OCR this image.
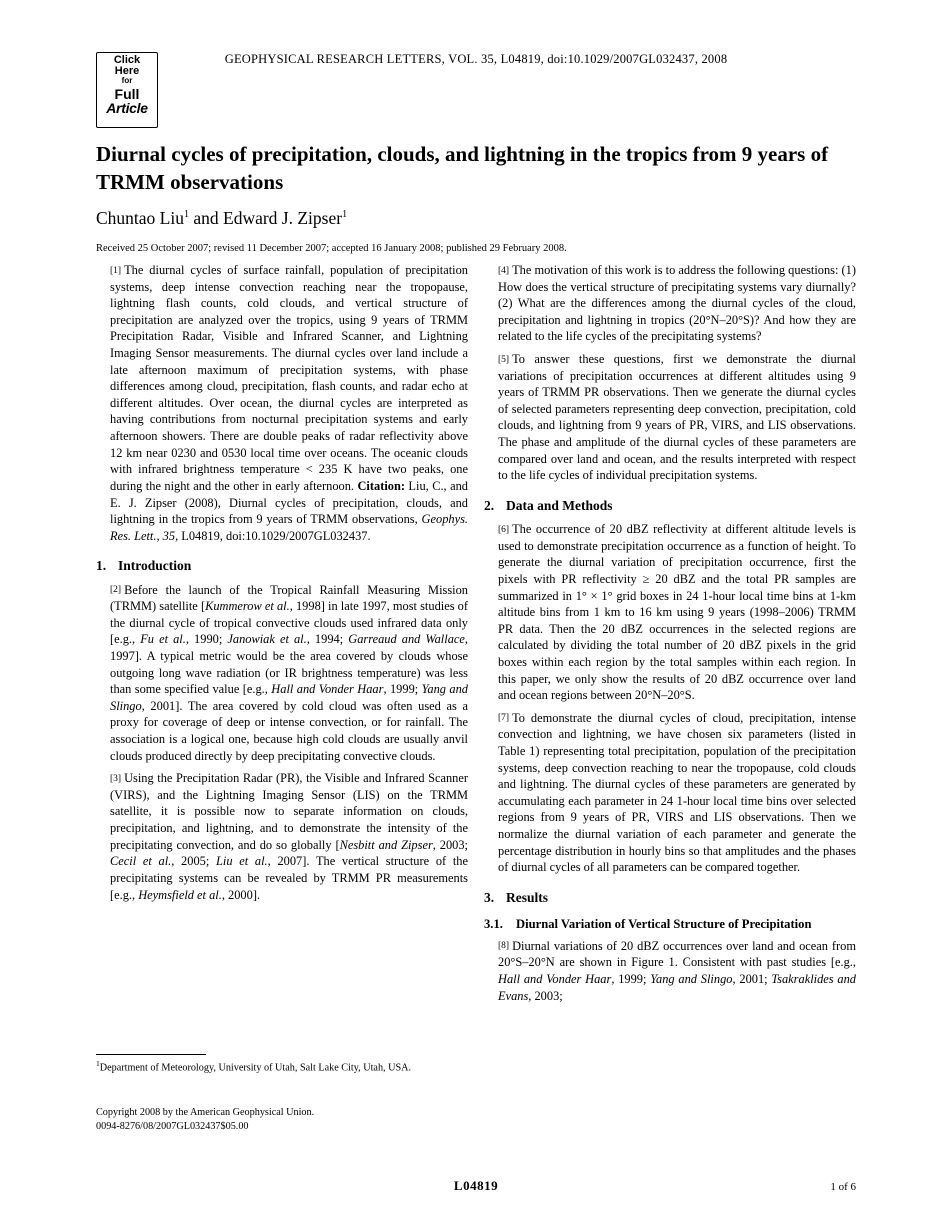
GEOPHYSICAL RESEARCH LETTERS, VOL. 35, L04819, doi:10.1029/2007GL032437, 2008
Click
Here
for
Full
Article
Diurnal cycles of precipitation, clouds, and lightning in the tropics from 9 years of TRMM observations
Chuntao Liu$^1$ and Edward J. Zipser$^1$
Received 25 October 2007; revised 11 December 2007; accepted 16 January 2008; published 29 February 2008.

[1] The diurnal cycles of surface rainfall, population of precipitation systems, deep intense convection reaching near the tropopause, lightning flash counts, cold clouds, and vertical structure of precipitation are analyzed over the tropics, using 9 years of TRMM Precipitation Radar, Visible and Infrared Scanner, and Lightning Imaging Sensor measurements. The diurnal cycles over land include a late afternoon maximum of precipitation systems, with phase differences among cloud, precipitation, flash counts, and radar echo at different altitudes. Over ocean, the diurnal cycles are interpreted as having contributions from nocturnal precipitation systems and early afternoon showers. There are double peaks of radar reflectivity above 12 km near 0230 and 0530 local time over oceans. The oceanic clouds with infrared brightness temperature < 235 K have two peaks, one during the night and the other in early afternoon. Citation: Liu, C., and E. J. Zipser (2008), Diurnal cycles of precipitation, clouds, and lightning in the tropics from 9 years of TRMM observations, Geophys. Res. Lett., 35, L04819, doi:10.1029/2007GL032437.

1. Introduction

[2] Before the launch of the Tropical Rainfall Measuring Mission (TRMM) satellite [Kummerow et al., 1998] in late 1997, most studies of the diurnal cycle of tropical convective clouds used infrared data only [e.g., Fu et al., 1990; Janowiak et al., 1994; Garreaud and Wallace, 1997]. A typical metric would be the area covered by clouds whose outgoing long wave radiation (or IR brightness temperature) was less than some specified value [e.g., Hall and Vonder Haar, 1999; Yang and Slingo, 2001]. The area covered by cold cloud was often used as a proxy for coverage of deep or intense convection, or for rainfall. The association is a logical one, because high cold clouds are usually anvil clouds produced directly by deep precipitating convective clouds.

[3] Using the Precipitation Radar (PR), the Visible and Infrared Scanner (VIRS), and the Lightning Imaging Sensor (LIS) on the TRMM satellite, it is possible now to separate information on clouds, precipitation, and lightning, and to demonstrate the intensity of the precipitating convection, and do so globally [Nesbitt and Zipser, 2003; Cecil et al., 2005; Liu et al., 2007]. The vertical structure of the precipitating systems can be revealed by TRMM PR measurements [e.g., Heymsfield et al., 2000].

[4] The motivation of this work is to address the following questions: (1) How does the vertical structure of precipitating systems vary diurnally? (2) What are the differences among the diurnal cycles of the cloud, precipitation and lightning in tropics (20°N–20°S)? And how they are related to the life cycles of the precipitating systems?

[5] To answer these questions, first we demonstrate the diurnal variations of precipitation occurrences at different altitudes using 9 years of TRMM PR observations. Then we generate the diurnal cycles of selected parameters representing deep convection, precipitation, cold clouds, and lightning from 9 years of PR, VIRS, and LIS observations. The phase and amplitude of the diurnal cycles of these parameters are compared over land and ocean, and the results interpreted with respect to the life cycles of individual precipitation systems.

2. Data and Methods

[6] The occurrence of 20 dBZ reflectivity at different altitude levels is used to demonstrate precipitation occurrence as a function of height. To generate the diurnal variation of precipitation occurrence, first the pixels with PR reflectivity ≥ 20 dBZ and the total PR samples are summarized in 1° × 1° grid boxes in 24 1-hour local time bins at 1-km altitude bins from 1 km to 16 km using 9 years (1998–2006) TRMM PR data. Then the 20 dBZ occurrences in the selected regions are calculated by dividing the total number of 20 dBZ pixels in the grid boxes within each region by the total samples within each region. In this paper, we only show the results of 20 dBZ occurrence over land and ocean regions between 20°N–20°S.

[7] To demonstrate the diurnal cycles of cloud, precipitation, intense convection and lightning, we have chosen six parameters (listed in Table 1) representing total precipitation, population of the precipitation systems, deep convection reaching to near the tropopause, cold clouds and lightning. The diurnal cycles of these parameters are generated by accumulating each parameter in 24 1-hour local time bins over selected regions from 9 years of PR, VIRS and LIS observations. Then we normalize the diurnal variation of each parameter and generate the percentage distribution in hourly bins so that amplitudes and the phases of diurnal cycles of all parameters can be compared together.

3. Results
3.1. Diurnal Variation of Vertical Structure of Precipitation

[8] Diurnal variations of 20 dBZ occurrences over land and ocean from 20°S–20°N are shown in Figure 1. Consistent with past studies [e.g., Hall and Vonder Haar, 1999; Yang and Slingo, 2001; Tsakraklides and Evans, 2003;

$^1$Department of Meteorology, University of Utah, Salt Lake City, Utah, USA.
Copyright 2008 by the American Geophysical Union.
0094-8276/08/2007GL032437$05.00
L04819	1 of 6
